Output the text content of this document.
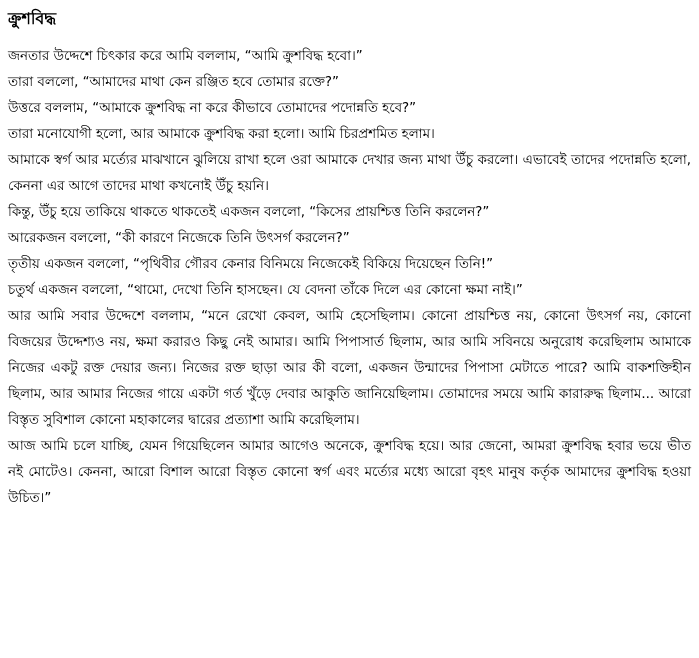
ক্রুশবিদ্ধ

জনতার উদ্দেশে চিৎকার করে আমি বললাম, “আমি ক্রুশবিদ্ধ হবো।”

তারা বললো, “আমাদের মাথা কেন রঞ্জিত হবে তোমার রক্তে?”

উত্তরে বললাম, “আমাকে ক্রুশবিদ্ধ না করে কীভাবে তোমাদের পদোন্নতি হবে?”

তারা মনোযোগী হলো, আর আমাকে ক্রুশবিদ্ধ করা হলো। আমি চিরপ্রশমিত হলাম।

আমাকে স্বর্গ আর মর্ত্যের মাঝখানে ঝুলিয়ে রাখা হলে ওরা আমাকে দেখার জন্য মাথা উঁচু করলো। এভাবেই তাদের পদোন্নতি হলো, কেননা এর আগে তাদের মাথা কখনোই উঁচু হয়নি।

কিন্তু, উঁচু হয়ে তাকিয়ে থাকতে থাকতেই একজন বললো, “কিসের প্রায়শ্চিত্ত তিনি করলেন?”

আরেকজন বললো, “কী কারণে নিজেকে তিনি উৎসর্গ করলেন?”

তৃতীয় একজন বললো, “পৃথিবীর গৌরব কেনার বিনিময়ে নিজেকেই বিকিয়ে দিয়েছেন তিনি!”

চতুর্থ একজন বললো, “থামো, দেখো তিনি হাসছেন। যে বেদনা তাঁকে দিলে এর কোনো ক্ষমা নাই।”

আর আমি সবার উদ্দেশে বললাম, “মনে রেখো কেবল, আমি হেসেছিলাম। কোনো প্রায়শ্চিত্ত নয়, কোনো উৎসর্গ নয়, কোনো বিজয়ের উদ্দেশ্যও নয়, ক্ষমা করারও কিছু নেই আমার। আমি পিপাসার্ত ছিলাম, আর আমি সবিনয়ে অনুরোধ করেছিলাম আমাকে নিজের একটু রক্ত দেয়ার জন্য। নিজের রক্ত ছাড়া আর কী বলো, একজন উন্মাদের পিপাসা মেটাতে পারে? আমি বাকশক্তিহীন ছিলাম, আর আমার নিজের গায়ে একটা গর্ত খুঁড়ে দেবার আকুতি জানিয়েছিলাম। তোমাদের সময়ে আমি কারারুদ্ধ ছিলাম... আরো বিস্তৃত সুবিশাল কোনো মহাকালের দ্বারের প্রত্যাশা আমি করেছিলাম।

আজ আমি চলে যাচ্ছি, যেমন গিয়েছিলেন আমার আগেও অনেকে, ক্রুশবিদ্ধ হয়ে। আর জেনো, আমরা ক্রুশবিদ্ধ হবার ভয়ে ভীত নই মোটেও। কেননা, আরো বিশাল আরো বিস্তৃত কোনো স্বর্গ এবং মর্ত্যের মধ্যে আরো বৃহৎ মানুষ কর্তৃক আমাদের ক্রুশবিদ্ধ হওয়া উচিত।”
